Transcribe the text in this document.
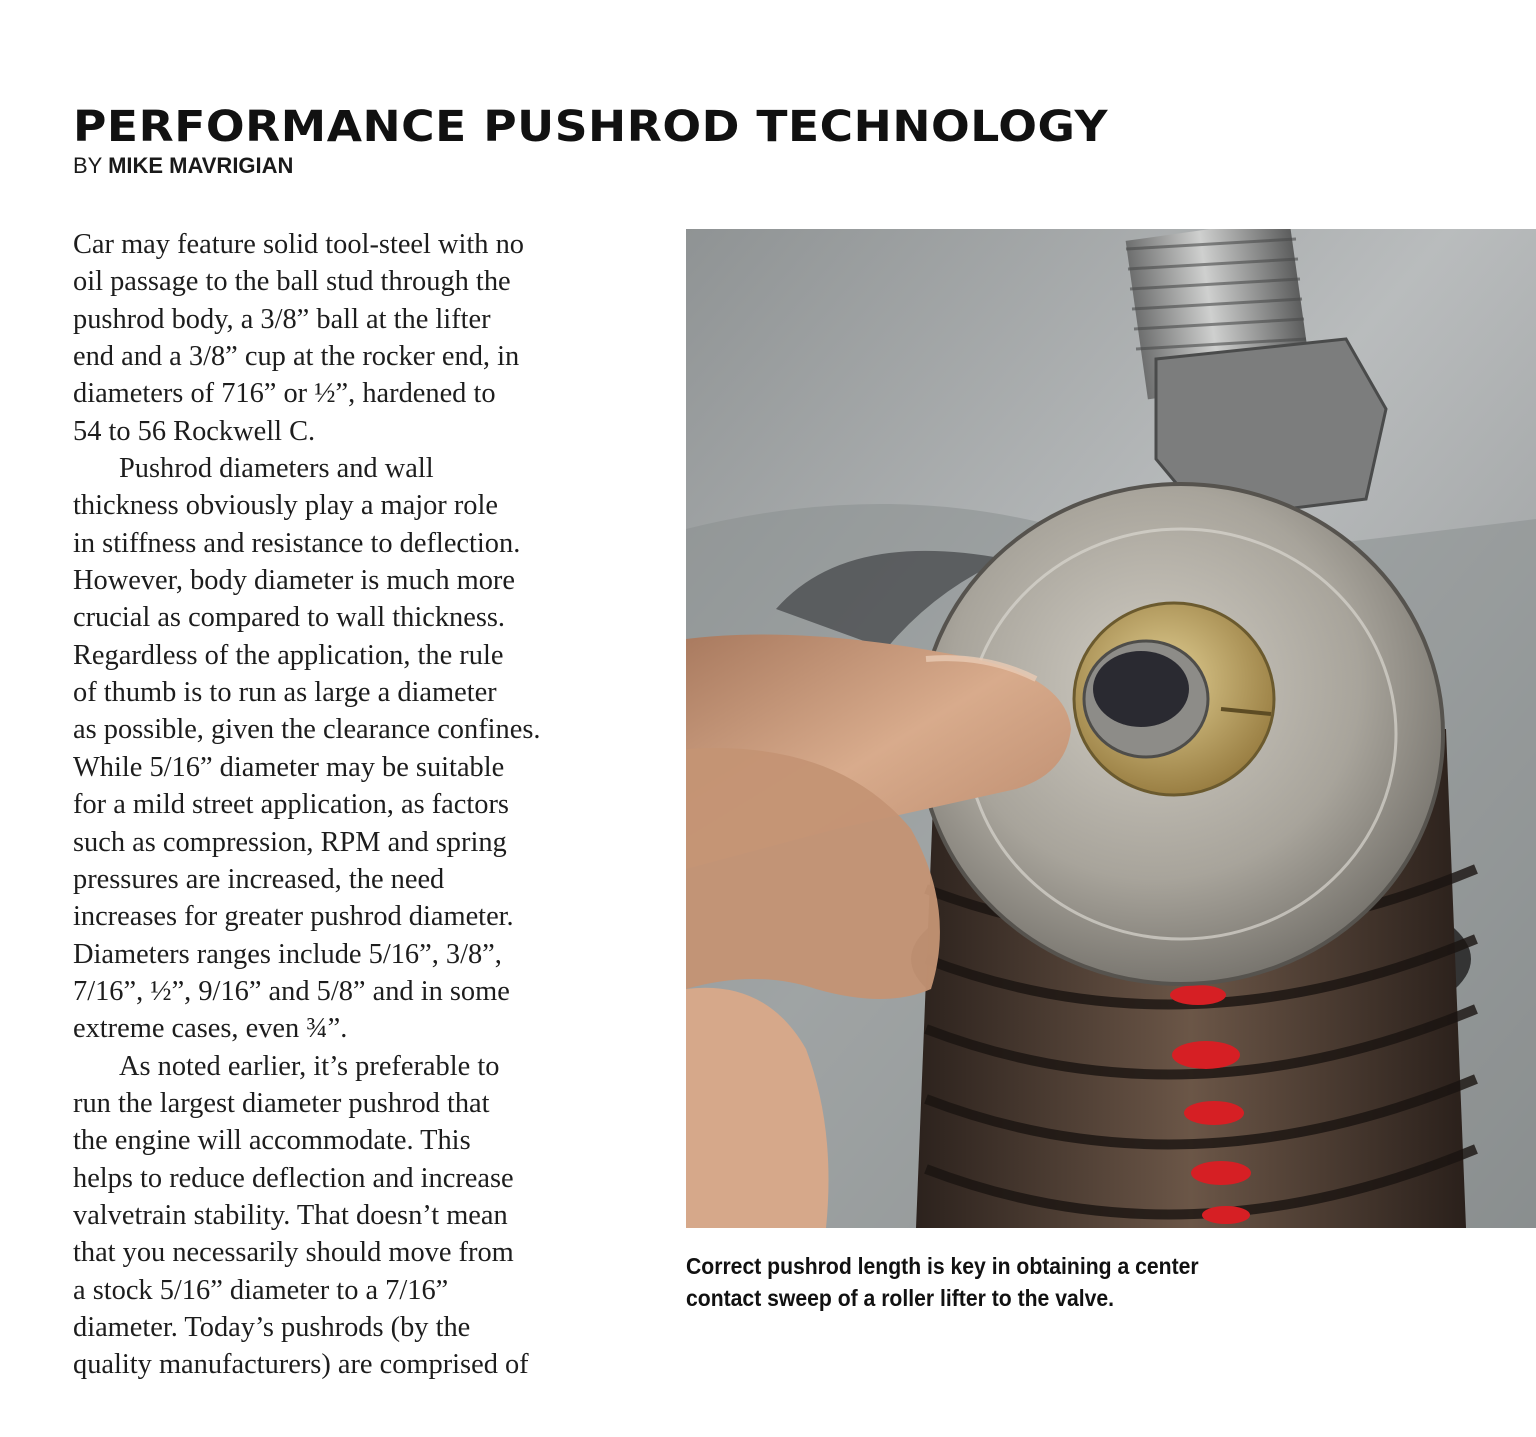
PERFORMANCE PUSHROD TECHNOLOGY
BY MIKE MAVRIGIAN
Car may feature solid tool-steel with no
oil passage to the ball stud through the
pushrod body, a 3/8” ball at the lifter
end and a 3/8” cup at the rocker end, in
diameters of 716” or ½”, hardened to
54 to 56 Rockwell C.
Pushrod diameters and wall
thickness obviously play a major role
in stiffness and resistance to deflection.
However, body diameter is much more
crucial as compared to wall thickness.
Regardless of the application, the rule
of thumb is to run as large a diameter
as possible, given the clearance confines.
While 5/16” diameter may be suitable
for a mild street application, as factors
such as compression, RPM and spring
pressures are increased, the need
increases for greater pushrod diameter.
Diameters ranges include 5/16”, 3/8”,
7/16”, ½”, 9/16” and 5/8” and in some
extreme cases, even ¾”.
As noted earlier, it’s preferable to
run the largest diameter pushrod that
the engine will accommodate. This
helps to reduce deflection and increase
valvetrain stability. That doesn’t mean
that you necessarily should move from
a stock 5/16” diameter to a 7/16”
diameter. Today’s pushrods (by the
quality manufacturers) are comprised of
Correct pushrod length is key in obtaining a center
contact sweep of a roller lifter to the valve.
